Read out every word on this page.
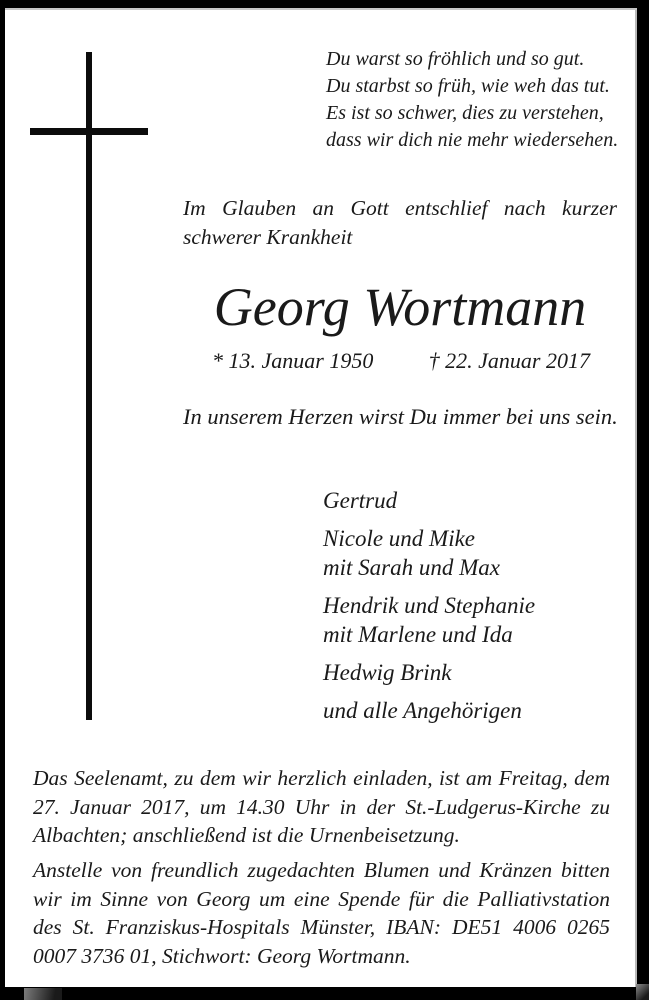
Du warst so fröhlich und so gut.
Du starbst so früh, wie weh das tut.
Es ist so schwer, dies zu verstehen,
dass wir dich nie mehr wiedersehen.
Im Glauben an Gott entschlief nach kurzer schwerer Krankheit
Georg Wortmann
* 13. Januar 1950	† 22. Januar 2017
In unserem Herzen wirst Du immer bei uns sein.
Gertrud
Nicole und Mike
mit Sarah und Max
Hendrik und Stephanie
mit Marlene und Ida
Hedwig Brink
und alle Angehörigen
Das Seelenamt, zu dem wir herzlich einladen, ist am Freitag, dem 27. Januar 2017, um 14.30 Uhr in der St.-Ludgerus-Kirche zu Albachten; anschließend ist die Urnenbeisetzung.
Anstelle von freundlich zugedachten Blumen und Kränzen bitten wir im Sinne von Georg um eine Spende für die Palliativstation des St. Franziskus-Hospitals Münster, IBAN: DE51 4006 0265 0007 3736 01, Stichwort: Georg Wortmann.
